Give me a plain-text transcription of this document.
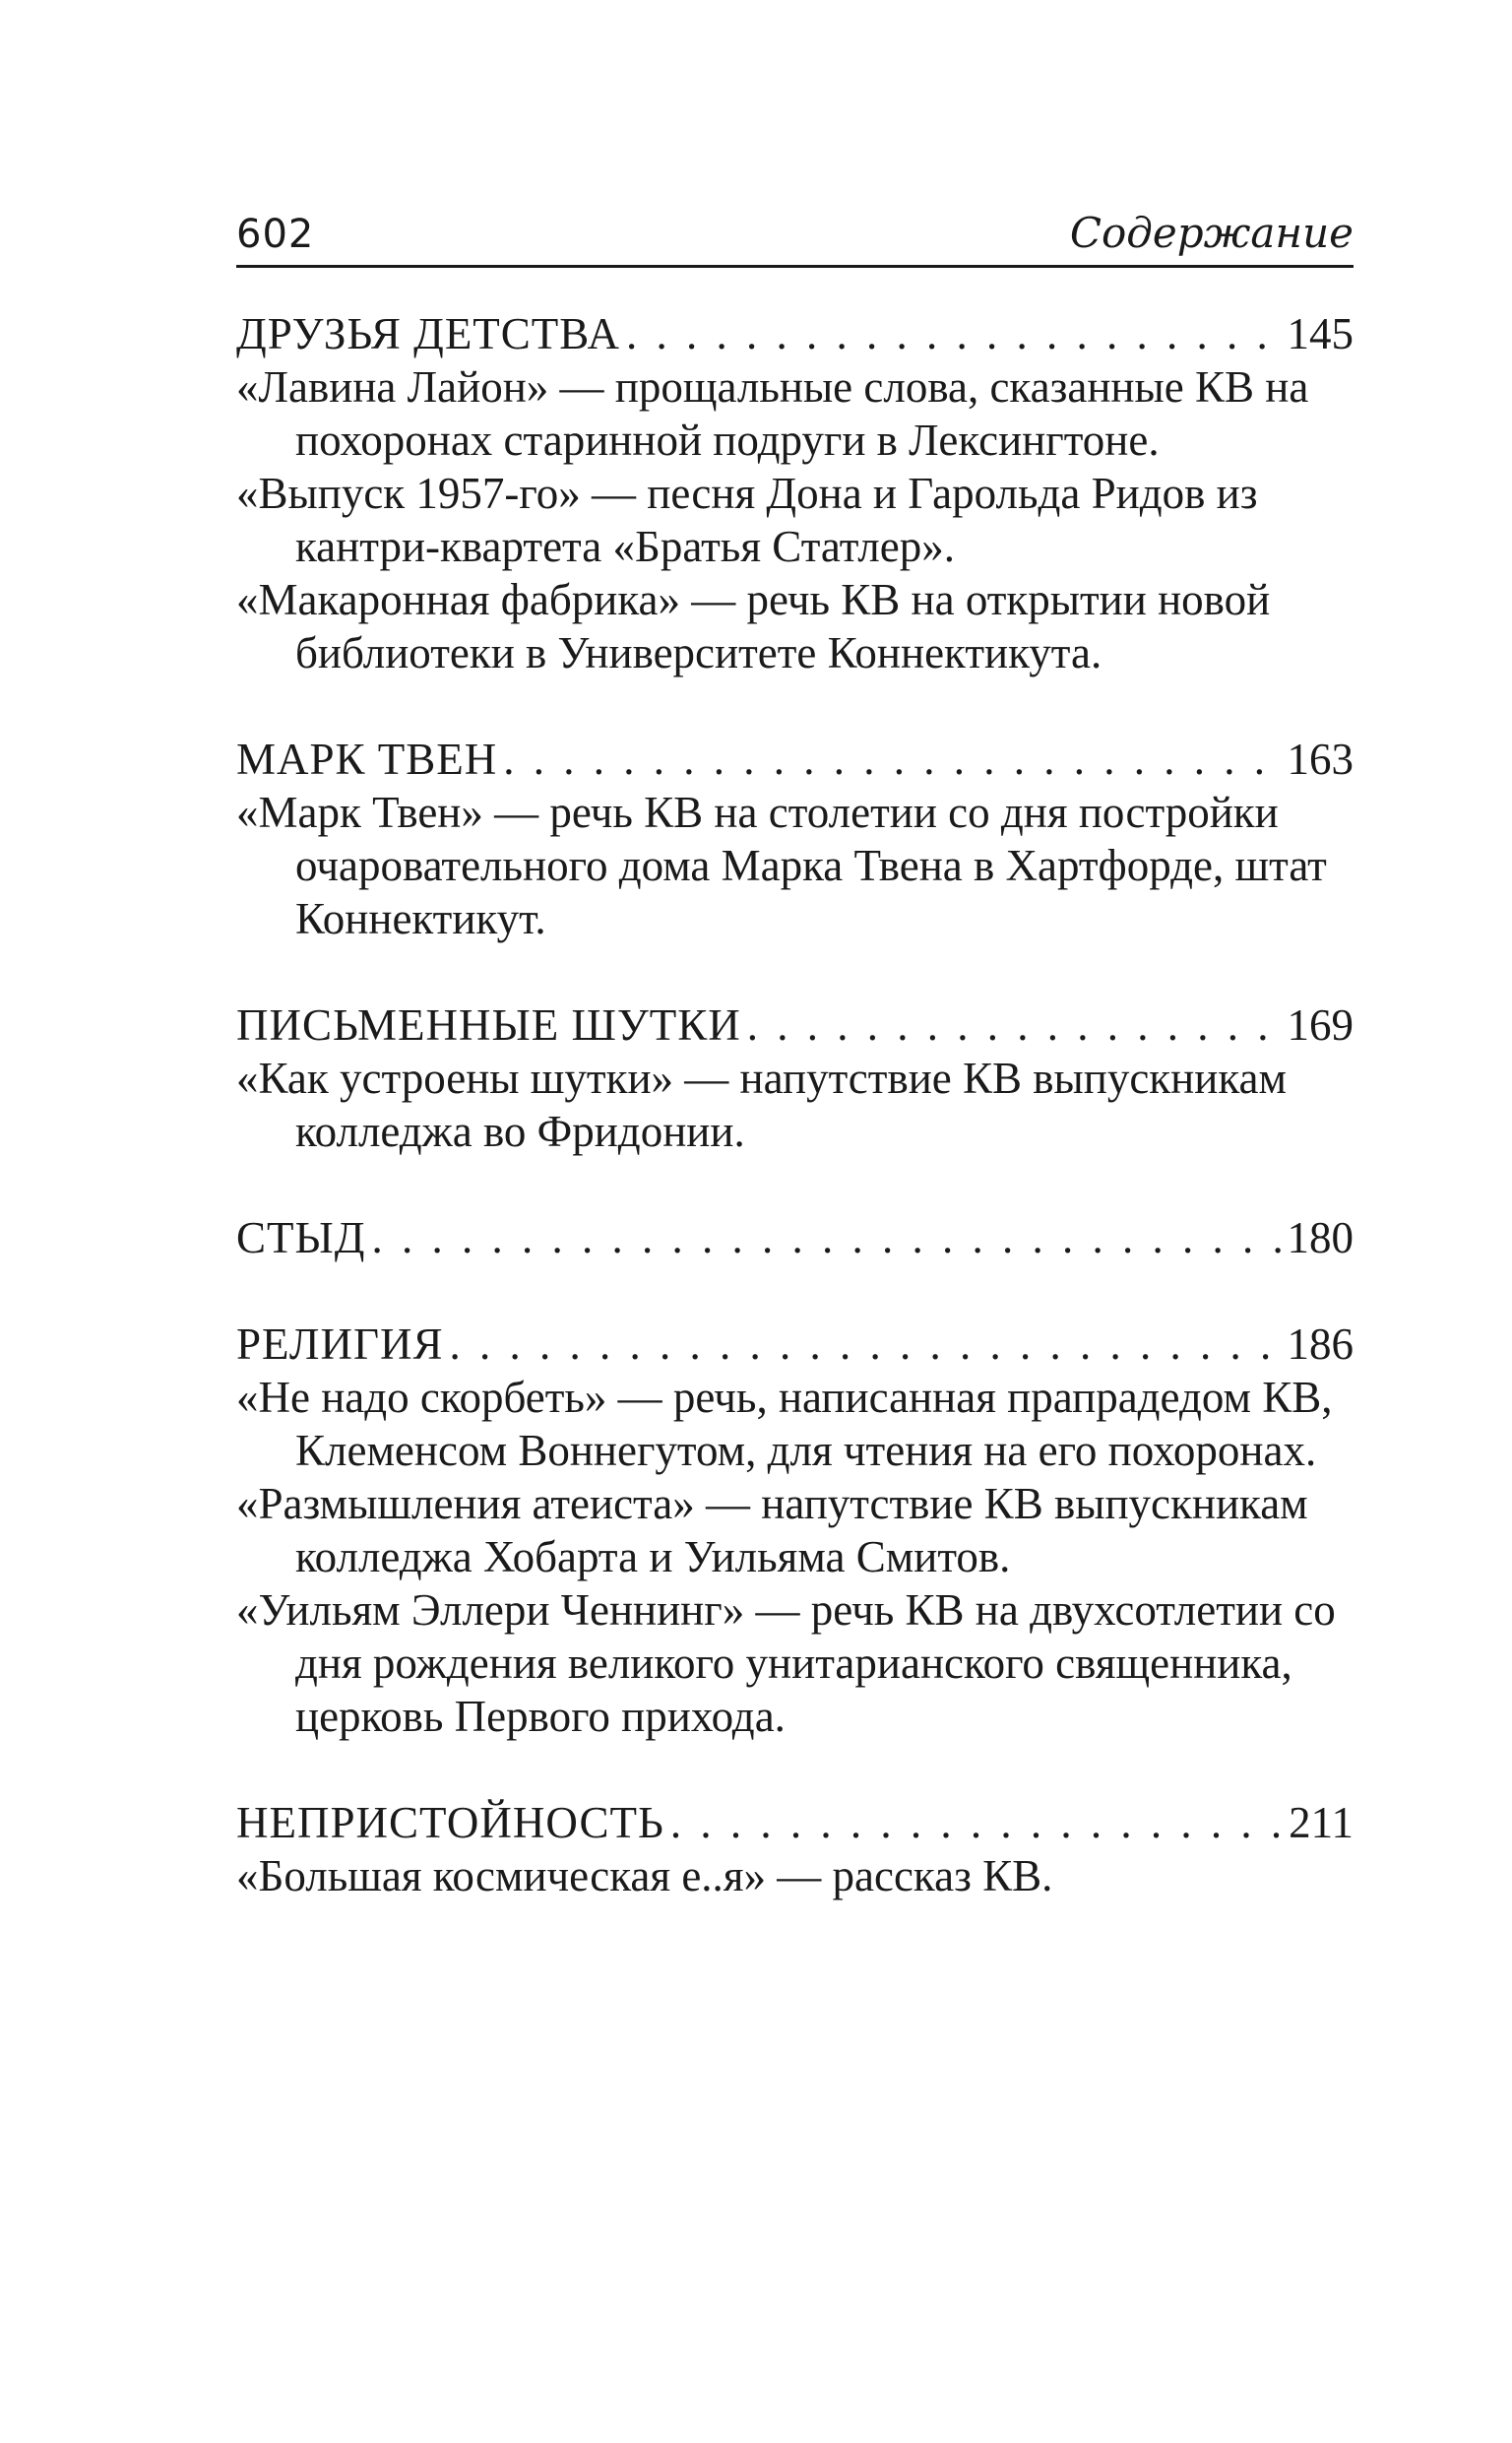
602	Содержание
ДРУЗЬЯ ДЕТСТВА . . .	145
«Лавина Лайон» — прощальные слова, сказанные КВ на похоронах старинной подруги в Лексингтоне.
«Выпуск 1957-го» — песня Дона и Гарольда Ридов из кантри-квартета «Братья Статлер».
«Макаронная фабрика» — речь КВ на открытии новой библиотеки в Университете Коннектикута.
МАРК ТВЕН . . .	163
«Марк Твен» — речь КВ на столетии со дня постройки очаровательного дома Марка Твена в Хартфорде, штат Коннектикут.
ПИСЬМЕННЫЕ ШУТКИ . . .	169
«Как устроены шутки» — напутствие КВ выпускникам колледжа во Фридонии.
СТЫД . . .	180
РЕЛИГИЯ . . .	186
«Не надо скорбеть» — речь, написанная прапрадедом КВ, Клеменсом Воннегутом, для чтения на его похоронах.
«Размышления атеиста» — напутствие КВ выпускникам колледжа Хобарта и Уильяма Смитов.
«Уильям Эллери Ченнинг» — речь КВ на двухсотлетии со дня рождения великого унитарианского священника, церковь Первого прихода.
НЕПРИСТОЙНОСТЬ . . .	211
«Большая космическая е..я» — рассказ КВ.
